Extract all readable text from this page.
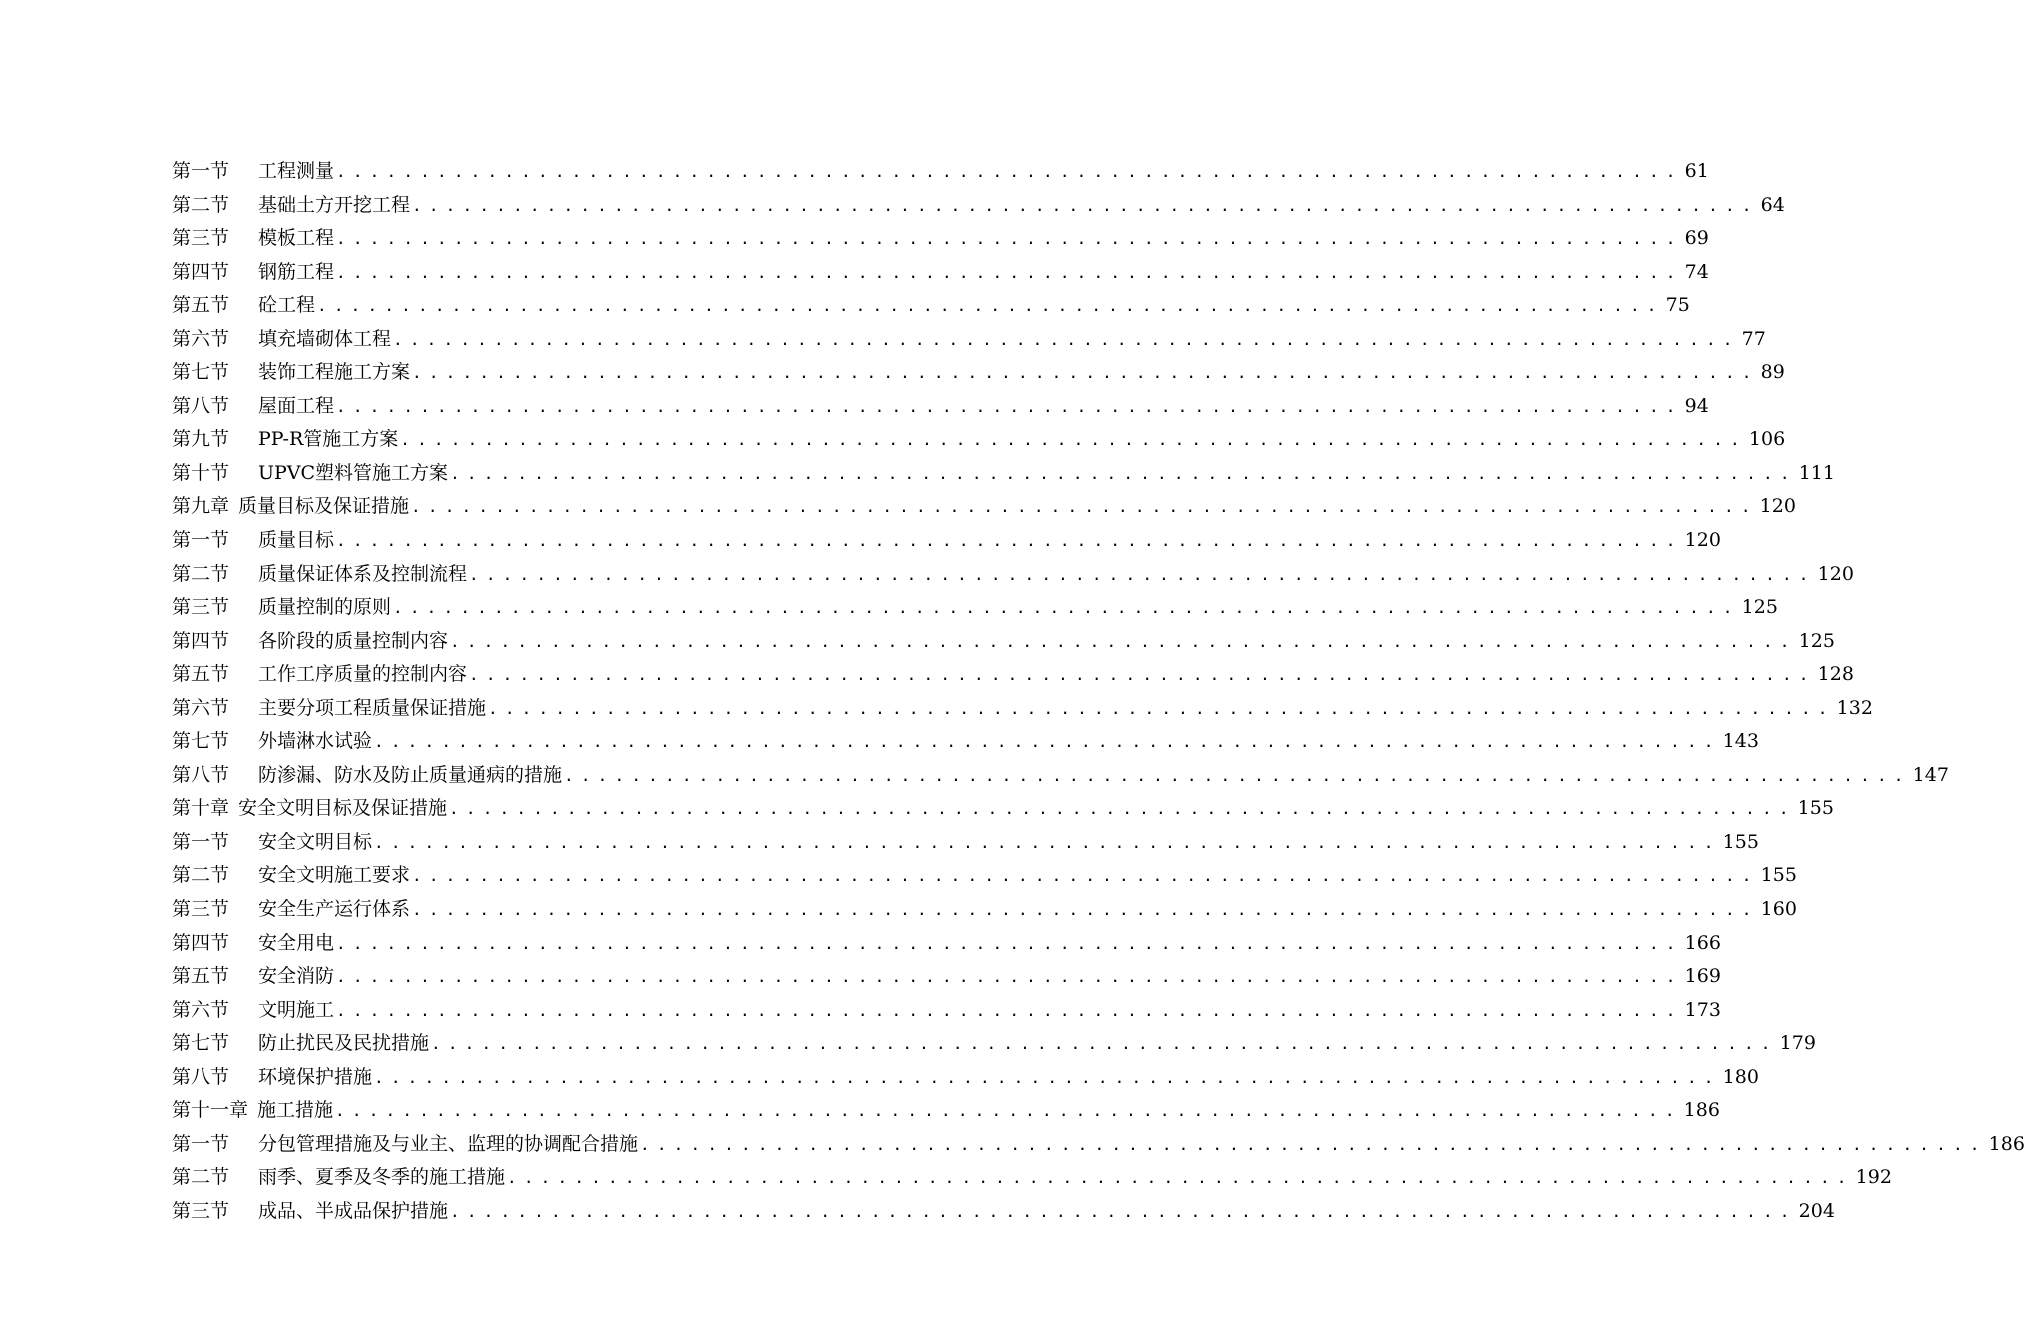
第一节	工程测量 ................................................................................ 61
第二节	基础土方开挖工程 ................................................................................ 64
第三节	模板工程 ................................................................................ 69
第四节	钢筋工程 ................................................................................ 74
第五节	砼工程 ................................................................................ 75
第六节	填充墙砌体工程 ................................................................................ 77
第七节	装饰工程施工方案 ................................................................................ 89
第八节	屋面工程 ................................................................................ 94
第九节	PP-R管施工方案 ................................................................................ 106
第十节	UPVC塑料管施工方案 ................................................................................ 111
第九章 质量目标及保证措施 ................................................................................ 120
第一节	质量目标 ................................................................................ 120
第二节	质量保证体系及控制流程 ................................................................................ 120
第三节	质量控制的原则 ................................................................................ 125
第四节	各阶段的质量控制内容 ................................................................................ 125
第五节	工作工序质量的控制内容 ................................................................................ 128
第六节	主要分项工程质量保证措施 ................................................................................ 132
第七节	外墙淋水试验 ................................................................................ 143
第八节	防渗漏、防水及防止质量通病的措施 ................................................................................ 147
第十章 安全文明目标及保证措施 ................................................................................ 155
第一节	安全文明目标 ................................................................................ 155
第二节	安全文明施工要求 ................................................................................ 155
第三节	安全生产运行体系 ................................................................................ 160
第四节	安全用电 ................................................................................ 166
第五节	安全消防 ................................................................................ 169
第六节	文明施工 ................................................................................ 173
第七节	防止扰民及民扰措施 ................................................................................ 179
第八节	环境保护措施 ................................................................................ 180
第十一章 施工措施 ................................................................................ 186
第一节	分包管理措施及与业主、监理的协调配合措施 ................................................................................ 186
第二节	雨季、夏季及冬季的施工措施 ................................................................................ 192
第三节	成品、半成品保护措施 ................................................................................ 204
